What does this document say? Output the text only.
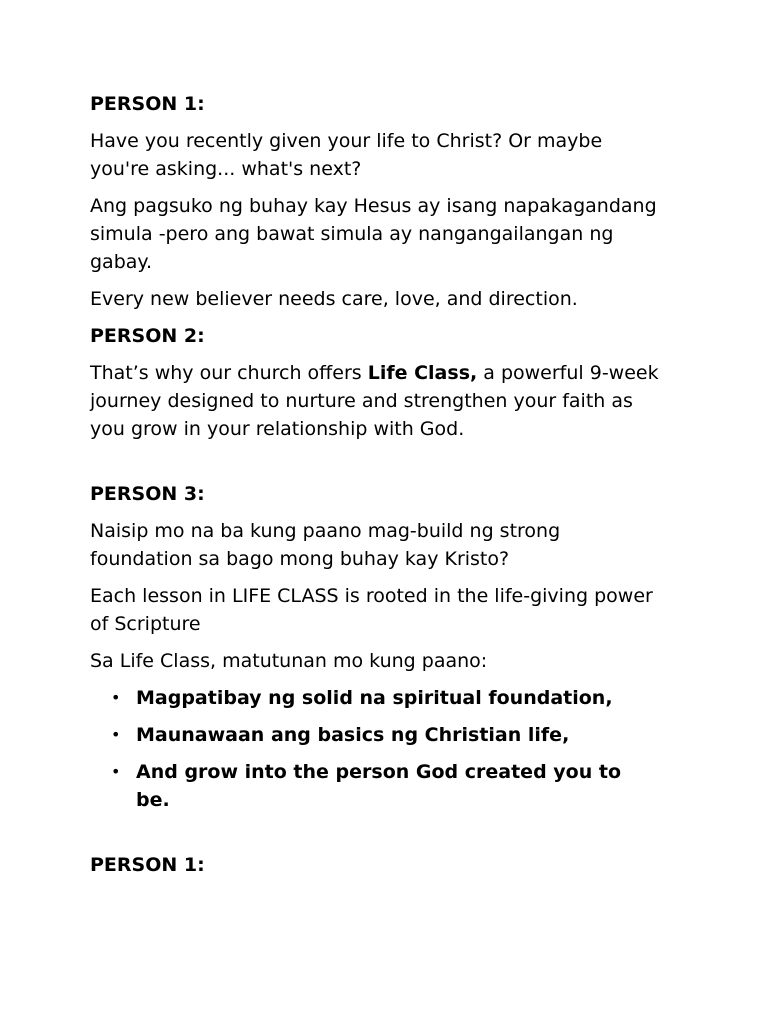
PERSON 1:
Have you recently given your life to Christ? Or maybe you're asking... what's next?
Ang pagsuko ng buhay kay Hesus ay isang napakagandang simula -pero ang bawat simula ay nangangailangan ng gabay.
Every new believer needs care, love, and direction.
PERSON 2:
That’s why our church offers Life Class, a powerful 9-week journey designed to nurture and strengthen your faith as you grow in your relationship with God.
PERSON 3:
Naisip mo na ba kung paano mag-build ng strong foundation sa bago mong buhay kay Kristo?
Each lesson in LIFE CLASS is rooted in the life-giving power of Scripture
Sa Life Class, matutunan mo kung paano:
• Magpatibay ng solid na spiritual foundation,
• Maunawaan ang basics ng Christian life,
• And grow into the person God created you to be.
PERSON 1:
